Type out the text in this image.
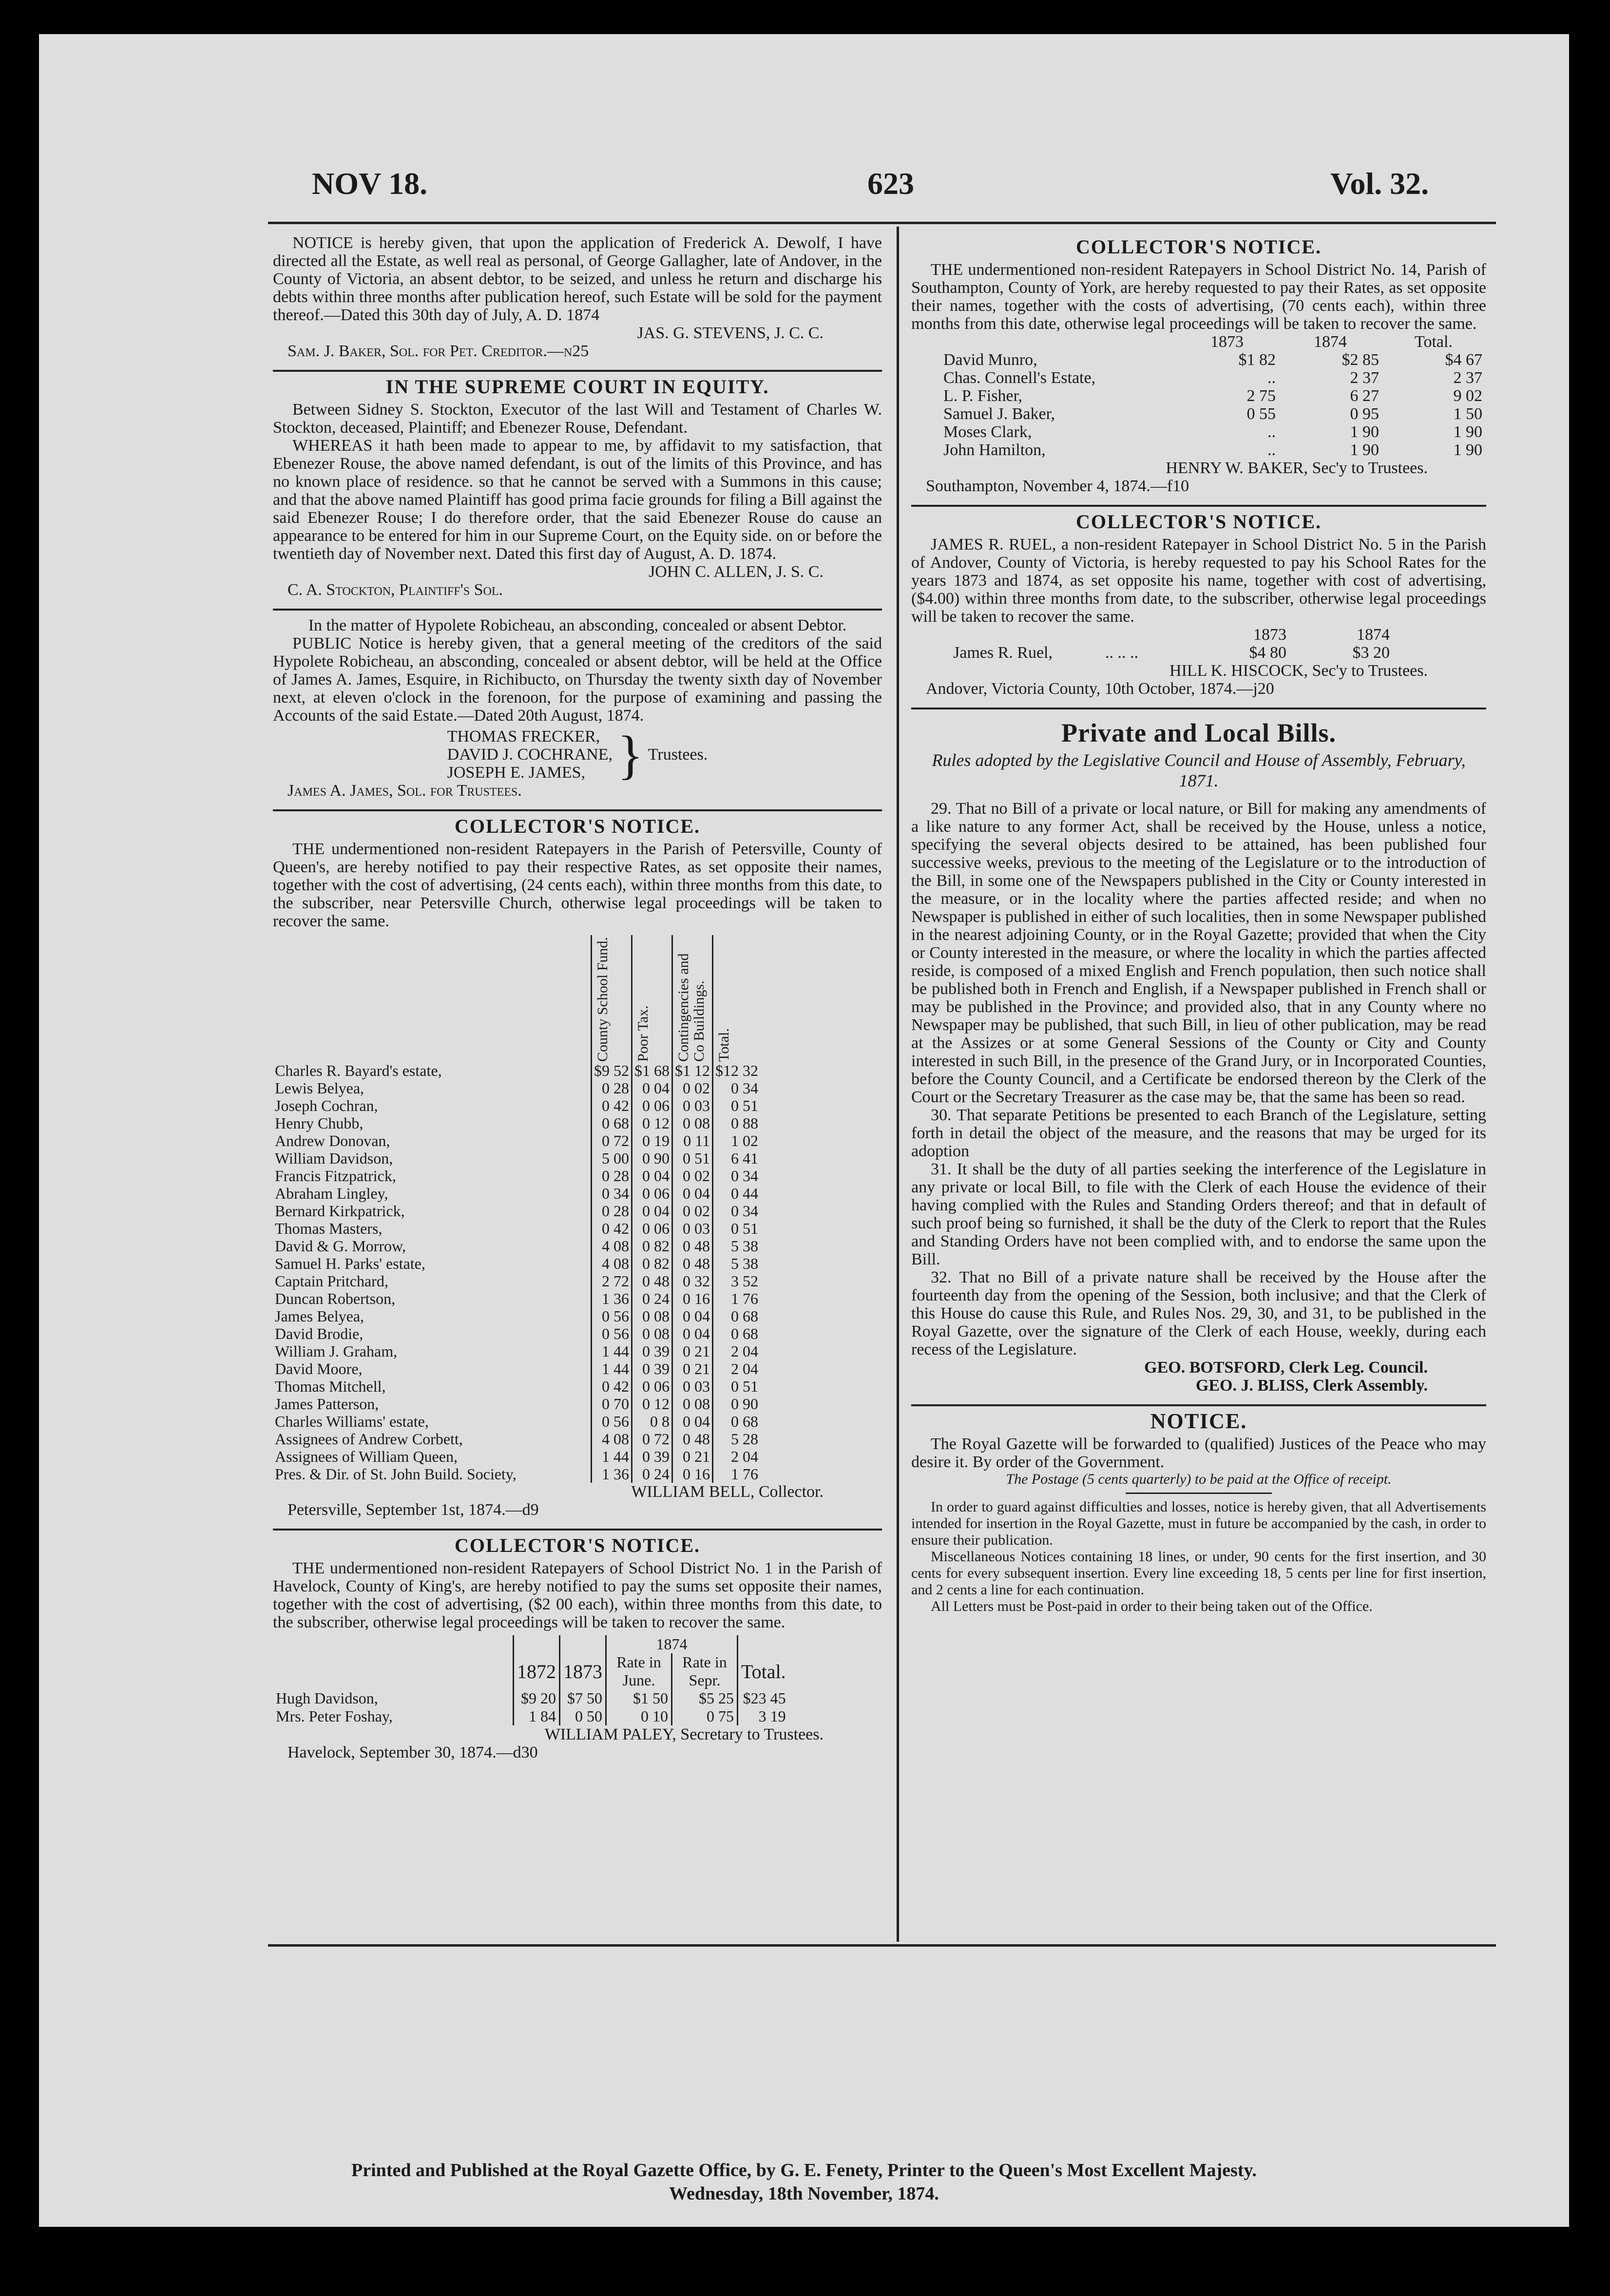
NOV 18.	623	Vol. 32.
NOTICE is hereby given, that upon the application of Frederick A. Dewolf, I have directed all the Estate, as well real as personal, of George Gallagher, late of Andover, in the County of Victoria, an absent debtor, to be seized, and unless he return and discharge his debts within three months after publication hereof, such Estate will be sold for the payment thereof.—Dated this 30th day of July, A. D. 1874
JAS. G. STEVENS, J. C. C.
Sam. J. Baker, Sol. for Pet. Creditor.—n25
IN THE SUPREME COURT IN EQUITY.
Between Sidney S. Stockton, Executor of the last Will and Testament of Charles W. Stockton, deceased, Plaintiff; and Ebenezer Rouse, Defendant.
WHEREAS it hath been made to appear to me, by affidavit to my satisfaction, that Ebenezer Rouse, the above named defendant, is out of the limits of this Province, and has no known place of residence. so that he cannot be served with a Summons in this cause; and that the above named Plaintiff has good prima facie grounds for filing a Bill against the said Ebenezer Rouse; I do therefore order, that the said Ebenezer Rouse do cause an appearance to be entered for him in our Supreme Court, on the Equity side. on or before the twentieth day of November next. Dated this first day of August, A. D. 1874.
JOHN C. ALLEN, J. S. C.
C. A. Stockton, Plaintiff's Sol.
In the matter of Hypolete Robicheau, an absconding, concealed or absent Debtor.
PUBLIC Notice is hereby given, that a general meeting of the creditors of the said Hypolete Robicheau, an absconding, concealed or absent debtor, will be held at the Office of James A. James, Esquire, in Richibucto, on Thursday the twenty sixth day of November next, at eleven o'clock in the forenoon, for the purpose of examining and passing the Accounts of the said Estate.—Dated 20th August, 1874.
THOMAS FRECKER,
DAVID J. COCHRANE,
JOSEPH E. JAMES, } Trustees.
James A. James, Sol. for Trustees.
COLLECTOR'S NOTICE.
THE undermentioned non-resident Ratepayers in the Parish of Petersville, County of Queen's, are hereby notified to pay their respective Rates, as set opposite their names, together with the cost of advertising, (24 cents each), within three months from this date, to the subscriber, near Petersville Church, otherwise legal proceedings will be taken to recover the same.

	County School Fund.	Poor Tax.	Contingencies and Co Buildings.	Total.

Charles R. Bayard's estate,	$9 52	$1 68	$1 12	$12 32
Lewis Belyea,	0 28	0 04	0 02	0 34
Joseph Cochran,	0 42	0 06	0 03	0 51
Henry Chubb,	0 68	0 12	0 08	0 88
Andrew Donovan,	0 72	0 19	0 11	1 02
William Davidson,	5 00	0 90	0 51	6 41
Francis Fitzpatrick,	0 28	0 04	0 02	0 34
Abraham Lingley,	0 34	0 06	0 04	0 44
Bernard Kirkpatrick,	0 28	0 04	0 02	0 34
Thomas Masters,	0 42	0 06	0 03	0 51
David & G. Morrow,	4 08	0 82	0 48	5 38
Samuel H. Parks' estate,	4 08	0 82	0 48	5 38
Captain Pritchard,	2 72	0 48	0 32	3 52
Duncan Robertson,	1 36	0 24	0 16	1 76
James Belyea,	0 56	0 08	0 04	0 68
David Brodie,	0 56	0 08	0 04	0 68
William J. Graham,	1 44	0 39	0 21	2 04
David Moore,	1 44	0 39	0 21	2 04
Thomas Mitchell,	0 42	0 06	0 03	0 51
James Patterson,	0 70	0 12	0 08	0 90
Charles Williams' estate,	0 56	0 8	0 04	0 68
Assignees of Andrew Corbett,	4 08	0 72	0 48	5 28
Assignees of William Queen,	1 44	0 39	0 21	2 04
Pres. & Dir. of St. John Build. Society,	1 36	0 24	0 16	1 76
WILLIAM BELL, Collector.
Petersville, September 1st, 1874.—d9
COLLECTOR'S NOTICE.
THE undermentioned non-resident Ratepayers of School District No. 1 in the Parish of Havelock, County of King's, are hereby notified to pay the sums set opposite their names, together with the cost of advertising, ($2 00 each), within three months from this date, to the subscriber, otherwise legal proceedings will be taken to recover the same.
			1874		
	1872	1873	Rate in June.	Rate in Sepr.	Total.
Hugh Davidson,	$9 20	$7 50	$1 50	$5 25	$23 45
Mrs. Peter Foshay,	1 84	0 50	0 10	0 75	3 19
WILLIAM PALEY, Secretary to Trustees.
Havelock, September 30, 1874.—d30
COLLECTOR'S NOTICE.
THE undermentioned non-resident Ratepayers in School District No. 14, Parish of Southampton, County of York, are hereby requested to pay their Rates, as set opposite their names, together with the costs of advertising, (70 cents each), within three months from this date, otherwise legal proceedings will be taken to recover the same.
	1873	1874	Total.
David Munro,	$1 82	$2 85	$4 67
Chas. Connell's Estate,	..	2 37	2 37
L. P. Fisher,	2 75	6 27	9 02
Samuel J. Baker,	0 55	0 95	1 50
Moses Clark,	..	1 90	1 90
John Hamilton,	..	1 90	1 90
HENRY W. BAKER, Sec'y to Trustees.
Southampton, November 4, 1874.—f10
COLLECTOR'S NOTICE.
JAMES R. RUEL, a non-resident Ratepayer in School District No. 5 in the Parish of Andover, County of Victoria, is hereby requested to pay his School Rates for the years 1873 and 1874, as set opposite his name, together with cost of advertising, ($4.00) within three months from date, to the subscriber, otherwise legal proceedings will be taken to recover the same.
		1873	1874
James R. Ruel,	.. .. ..	$4 80	$3 20
HILL K. HISCOCK, Sec'y to Trustees.
Andover, Victoria County, 10th October, 1874.—j20
Private and Local Bills.
Rules adopted by the Legislative Council and House of Assembly, February, 1871.
29. That no Bill of a private or local nature, or Bill for making any amendments of a like nature to any former Act, shall be received by the House, unless a notice, specifying the several objects desired to be attained, has been published four successive weeks, previous to the meeting of the Legislature or to the introduction of the Bill, in some one of the Newspapers published in the City or County interested in the measure, or in the locality where the parties affected reside; and when no Newspaper is published in either of such localities, then in some Newspaper published in the nearest adjoining County, or in the Royal Gazette; provided that when the City or County interested in the measure, or where the locality in which the parties affected reside, is composed of a mixed English and French population, then such notice shall be published both in French and English, if a Newspaper published in French shall or may be published in the Province; and provided also, that in any County where no Newspaper may be published, that such Bill, in lieu of other publication, may be read at the Assizes or at some General Sessions of the County or City and County interested in such Bill, in the presence of the Grand Jury, or in Incorporated Counties, before the County Council, and a Certificate be endorsed thereon by the Clerk of the Court or the Secretary Treasurer as the case may be, that the same has been so read.
30. That separate Petitions be presented to each Branch of the Legislature, setting forth in detail the object of the measure, and the reasons that may be urged for its adoption
31. It shall be the duty of all parties seeking the interference of the Legislature in any private or local Bill, to file with the Clerk of each House the evidence of their having complied with the Rules and Standing Orders thereof; and that in default of such proof being so furnished, it shall be the duty of the Clerk to report that the Rules and Standing Orders have not been complied with, and to endorse the same upon the Bill.
32. That no Bill of a private nature shall be received by the House after the fourteenth day from the opening of the Session, both inclusive; and that the Clerk of this House do cause this Rule, and Rules Nos. 29, 30, and 31, to be published in the Royal Gazette, over the signature of the Clerk of each House, weekly, during each recess of the Legislature.
GEO. BOTSFORD, Clerk Leg. Council.
GEO. J. BLISS, Clerk Assembly.
NOTICE.
The Royal Gazette will be forwarded to (qualified) Justices of the Peace who may desire it. By order of the Government.
The Postage (5 cents quarterly) to be paid at the Office of receipt.
In order to guard against difficulties and losses, notice is hereby given, that all Advertisements intended for insertion in the Royal Gazette, must in future be accompanied by the cash, in order to ensure their publication.
Miscellaneous Notices containing 18 lines, or under, 90 cents for the first insertion, and 30 cents for every subsequent insertion. Every line exceeding 18, 5 cents per line for first insertion, and 2 cents a line for each continuation.
All Letters must be Post-paid in order to their being taken out of the Office.
Printed and Published at the Royal Gazette Office, by G. E. Fenety, Printer to the Queen's Most Excellent Majesty.
Wednesday, 18th November, 1874.
